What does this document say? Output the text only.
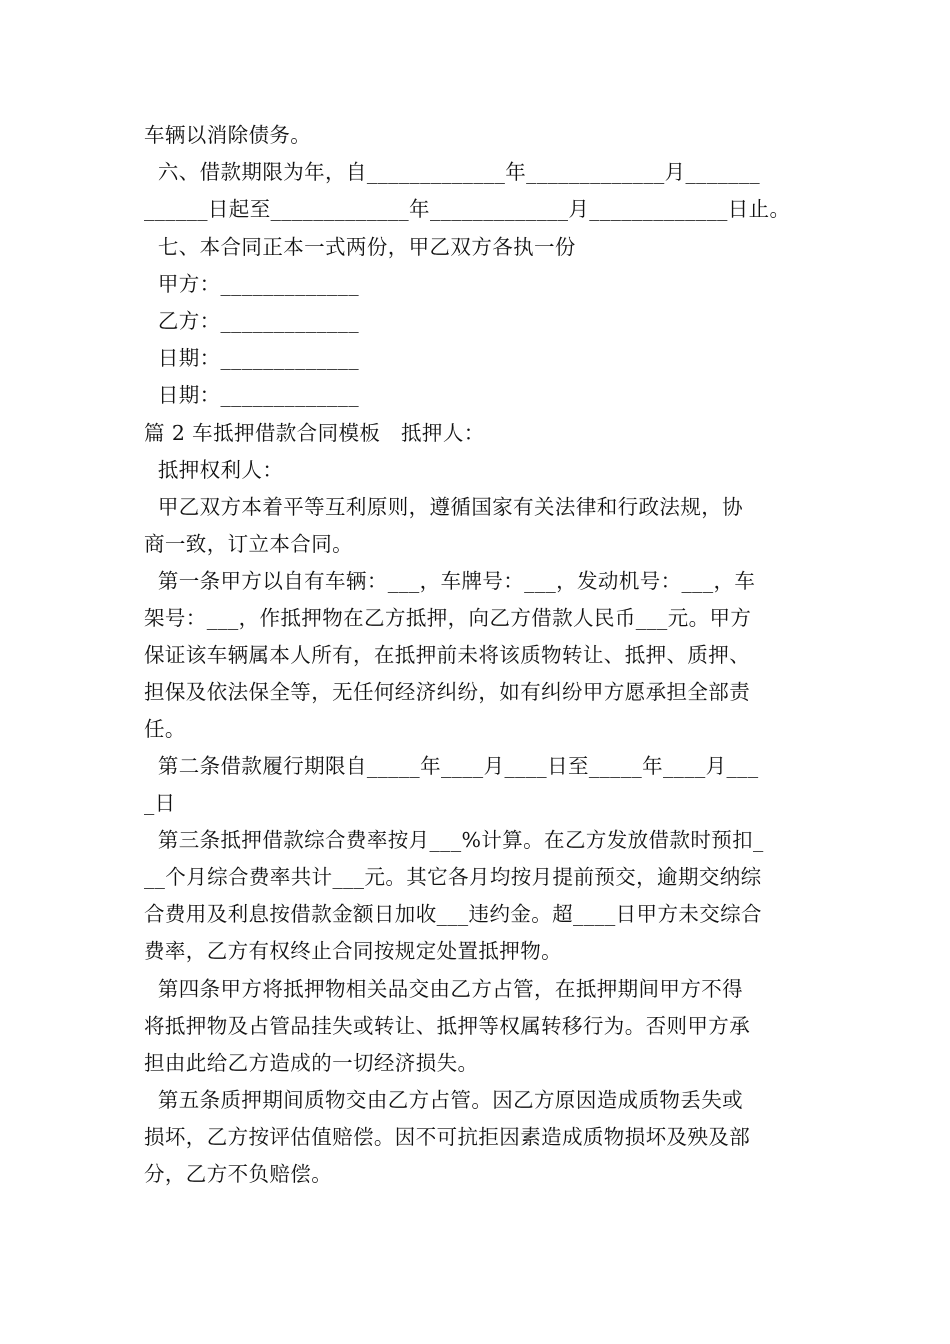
车辆以消除债务。
六、借款期限为年，自_____________年_____________月_______
______日起至_____________年_____________月_____________日止。
七、本合同正本一式两份，甲乙双方各执一份
甲方：_____________
乙方：_____________
日期：_____________
日期：_____________
篇 2 车抵押借款合同模板   抵押人：
抵押权利人：
甲乙双方本着平等互利原则，遵循国家有关法律和行政法规，协
商一致，订立本合同。
第一条甲方以自有车辆：___，车牌号：___，发动机号：___，车
架号：___，作抵押物在乙方抵押，向乙方借款人民币___元。甲方
保证该车辆属本人所有，在抵押前未将该质物转让、抵押、质押、
担保及依法保全等，无任何经济纠纷，如有纠纷甲方愿承担全部责
任。
第二条借款履行期限自_____年____月____日至_____年____月___
_日
第三条抵押借款综合费率按月___%计算。在乙方发放借款时预扣_
__个月综合费率共计___元。其它各月均按月提前预交，逾期交纳综
合费用及利息按借款金额日加收___违约金。超____日甲方未交综合
费率，乙方有权终止合同按规定处置抵押物。
第四条甲方将抵押物相关品交由乙方占管，在抵押期间甲方不得
将抵押物及占管品挂失或转让、抵押等权属转移行为。否则甲方承
担由此给乙方造成的一切经济损失。
第五条质押期间质物交由乙方占管。因乙方原因造成质物丢失或
损坏，乙方按评估值赔偿。因不可抗拒因素造成质物损坏及殃及部
分，乙方不负赔偿。
